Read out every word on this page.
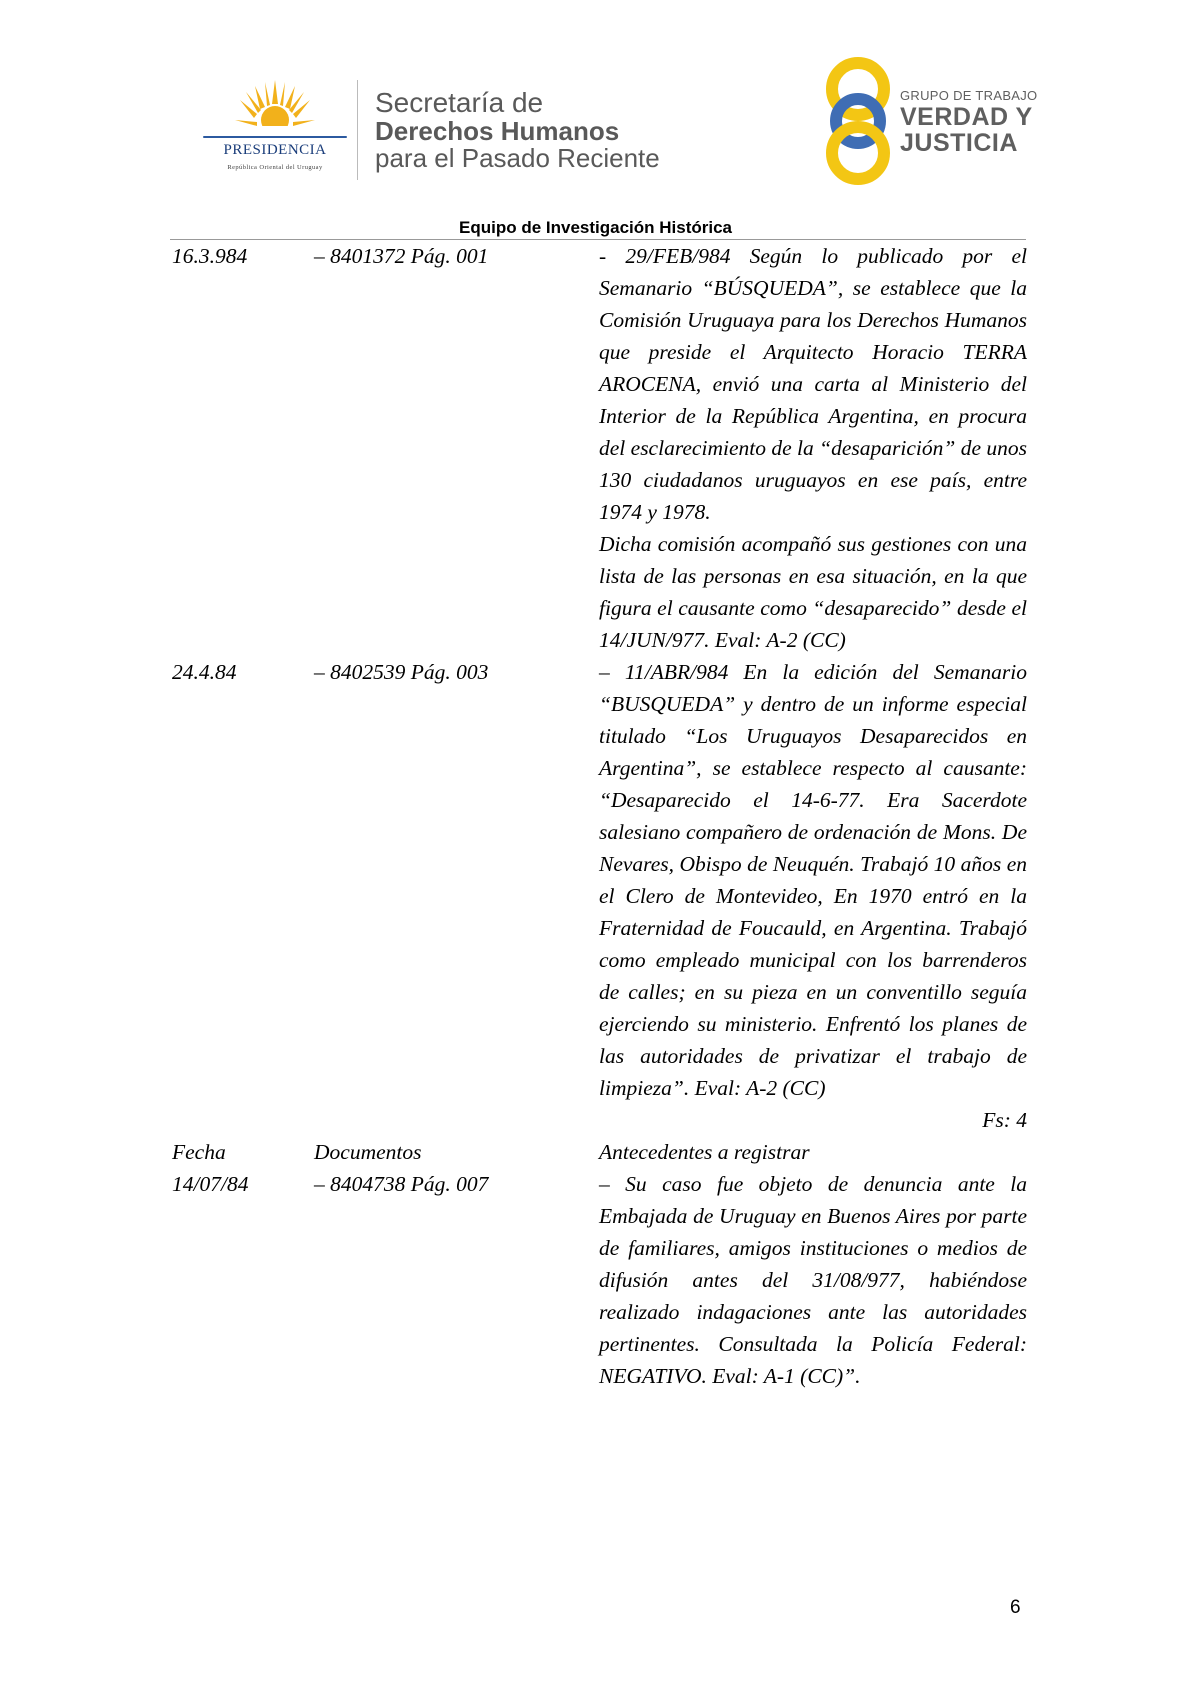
PRESIDENCIA
República Oriental del Uruguay
Secretaría de
Derechos Humanos
para el Pasado Reciente
GRUPO DE TRABAJO
VERDAD Y
JUSTICIA
Equipo de Investigación Histórica
16.3.984	– 8401372 Pág. 001	- 29/FEB/984 Según lo publicado por el Semanario “BÚSQUEDA”, se establece que la Comisión Uruguaya para los Derechos Humanos que preside el Arquitecto Horacio TERRA AROCENA, envió una carta al Ministerio del Interior de la República Argentina, en procura del esclarecimiento de la “desaparición” de unos 130 ciudadanos uruguayos en ese país, entre 1974 y 1978.

Dicha comisión acompañó sus gestiones con una lista de las personas en esa situación, en la que figura el causante como “desaparecido” desde el 14/JUN/977. Eval: A-2 (CC)

24.4.84	– 8402539 Pág. 003	– 11/ABR/984 En la edición del Semanario “BUSQUEDA” y dentro de un informe especial titulado “Los Uruguayos Desaparecidos en Argentina”, se establece respecto al causante: “Desaparecido el 14-6-77. Era Sacerdote salesiano compañero de ordenación de Mons. De Nevares, Obispo de Neuquén. Trabajó 10 años en el Clero de Montevideo, En 1970 entró en la Fraternidad de Foucauld, en Argentina. Trabajó como empleado municipal con los barrenderos de calles; en su pieza en un conventillo seguía ejerciendo su ministerio. Enfrentó los planes de las autoridades de privatizar el trabajo de limpieza”. Eval: A-2 (CC)

Fs: 4
Fecha	Documentos	Antecedentes a registrar
14/07/84	– 8404738 Pág. 007	– Su caso fue objeto de denuncia ante la Embajada de Uruguay en Buenos Aires por parte de familiares, amigos instituciones o medios de difusión antes del 31/08/977, habiéndose realizado indagaciones ante las autoridades pertinentes. Consultada la Policía Federal: NEGATIVO. Eval: A-1 (CC)”.

6
